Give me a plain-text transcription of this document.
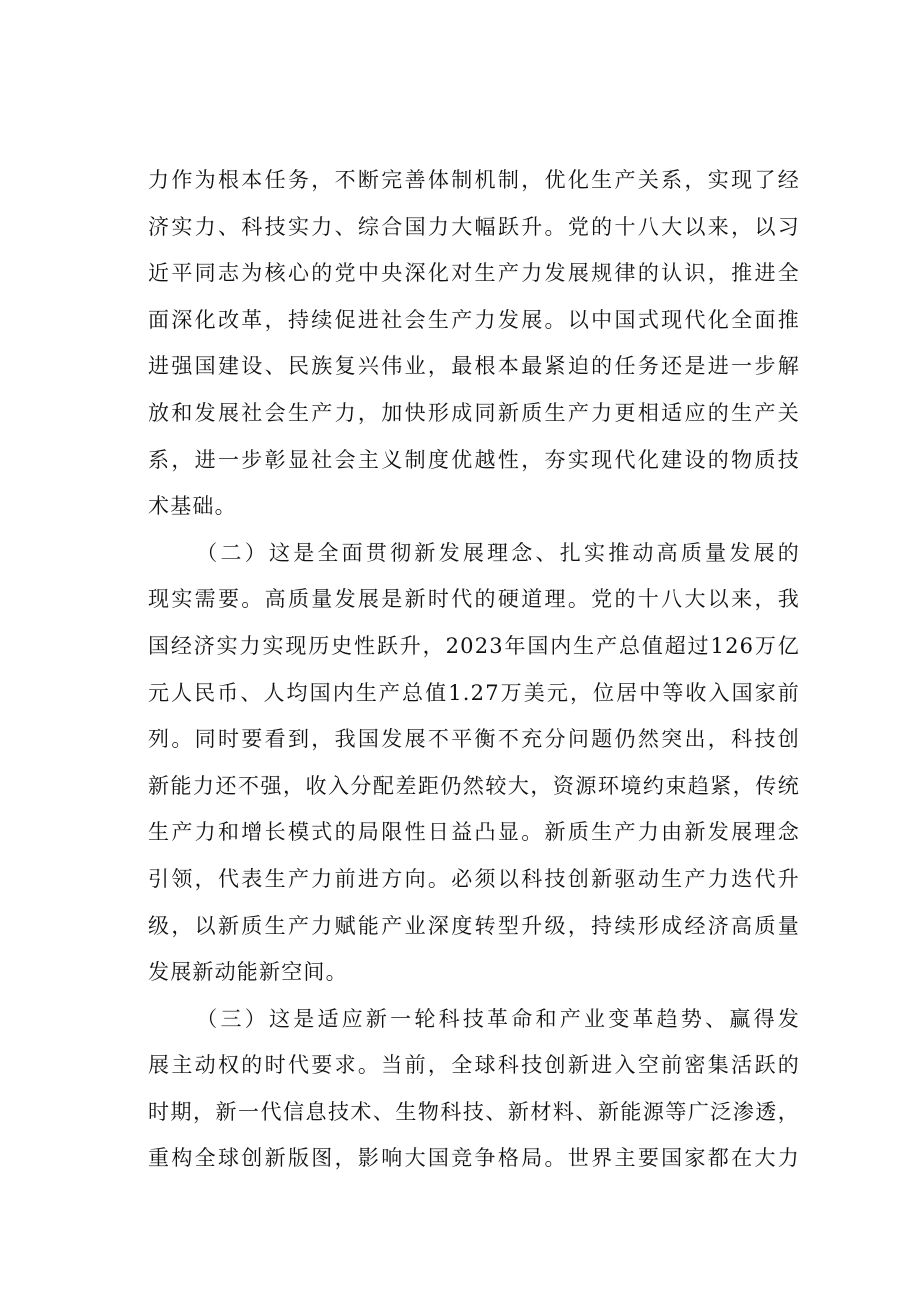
力作为根本任务，不断完善体制机制，优化生产关系，实现了经
济实力、科技实力、综合国力大幅跃升。党的十八大以来，以习
近平同志为核心的党中央深化对生产力发展规律的认识，推进全
面深化改革，持续促进社会生产力发展。以中国式现代化全面推
进强国建设、民族复兴伟业，最根本最紧迫的任务还是进一步解
放和发展社会生产力，加快形成同新质生产力更相适应的生产关
系，进一步彰显社会主义制度优越性，夯实现代化建设的物质技
术基础。
（二）这是全面贯彻新发展理念、扎实推动高质量发展的
现实需要。高质量发展是新时代的硬道理。党的十八大以来，我
国经济实力实现历史性跃升，2023年国内生产总值超过126万亿
元人民币、人均国内生产总值1.27万美元，位居中等收入国家前
列。同时要看到，我国发展不平衡不充分问题仍然突出，科技创
新能力还不强，收入分配差距仍然较大，资源环境约束趋紧，传统
生产力和增长模式的局限性日益凸显。新质生产力由新发展理念
引领，代表生产力前进方向。必须以科技创新驱动生产力迭代升
级，以新质生产力赋能产业深度转型升级，持续形成经济高质量
发展新动能新空间。
（三）这是适应新一轮科技革命和产业变革趋势、赢得发
展主动权的时代要求。当前，全球科技创新进入空前密集活跃的
时期，新一代信息技术、生物科技、新材料、新能源等广泛渗透，
重构全球创新版图，影响大国竞争格局。世界主要国家都在大力
